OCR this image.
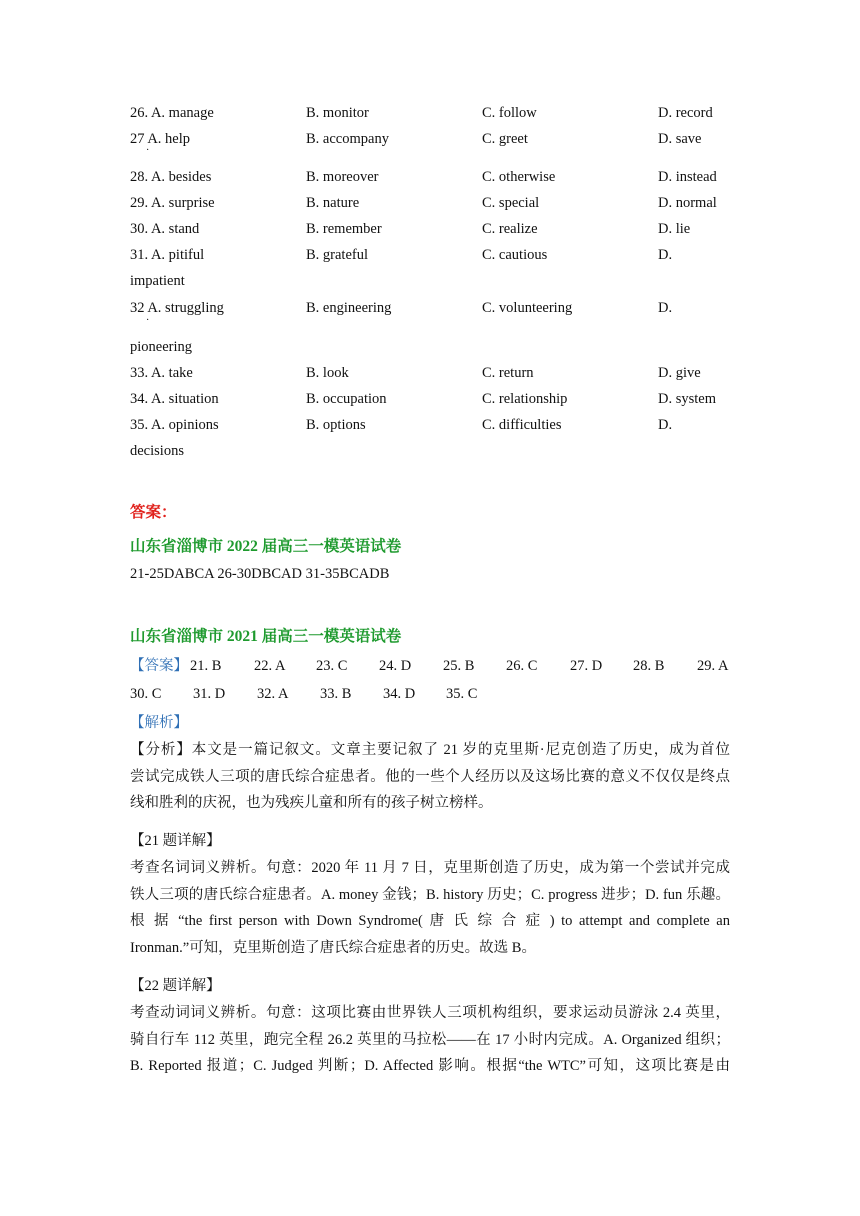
26. A. manage	B. monitor	C. follow	D. record
27 A. help	B. accompany	C. greet	D. save
·
28. A. besides	B. moreover	C. otherwise	D. instead
29. A. surprise	B. nature	C. special	D. normal
30. A. stand	B. remember	C. realize	D. lie
31. A. pitiful	B. grateful	C. cautious	D.
impatient
32 A. struggling	B. engineering	C. volunteering	D.
·
pioneering
33. A. take	B. look	C. return	D. give
34. A. situation	B. occupation	C. relationship	D. system
35. A. opinions	B. options	C. difficulties	D.
decisions
答案：
山东省淄博市 2022 届高三一模英语试卷
21-25DABCA 26-30DBCAD 31-35BCADB
山东省淄博市 2021 届高三一模英语试卷
【答案】 21. B 22. A 23. C 24. D 25. B 26. C 27. D 28. B 29. A
30. C 31. D 32. A 33. B 34. D 35. C
【解析】
【分析】本文是一篇记叙文。文章主要记叙了 21 岁的克里斯·尼克创造了历史，成为首位
尝试完成铁人三项的唐氏综合症患者。他的一些个人经历以及这场比赛的意义不仅仅是终点
线和胜利的庆祝，也为残疾儿童和所有的孩子树立榜样。
【21 题详解】
考查名词词义辨析。句意：2020 年 11 月 7 日，克里斯创造了历史，成为第一个尝试并完成
铁人三项的唐氏综合症患者。A. money 金钱；B. history 历史；C. progress 进步；D. fun 乐趣。
根 据 “the first person with Down Syndrome( 唐 氏 综 合 症 ) to attempt and complete an
Ironman.”可知，克里斯创造了唐氏综合症患者的历史。故选 B。
【22 题详解】
考查动词词义辨析。句意：这项比赛由世界铁人三项机构组织，要求运动员游泳 2.4 英里，
骑自行车 112 英里，跑完全程 26.2 英里的马拉松——在 17 小时内完成。A. Organized 组织；
B. Reported 报道；C. Judged 判断；D. Affected 影响。根据“the WTC”可知，这项比赛是由
